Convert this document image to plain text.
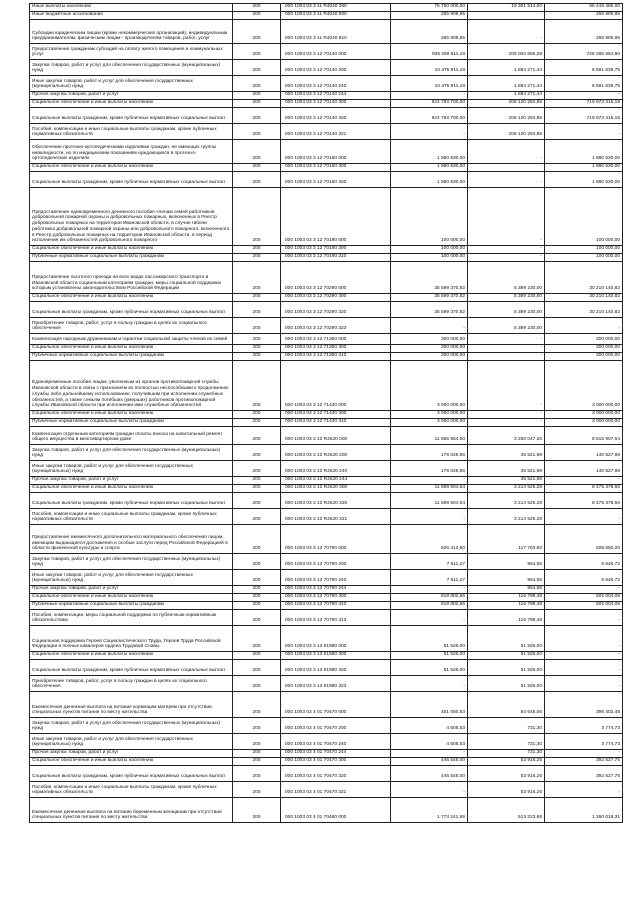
Иные выплаты населению	200	000 1003 03 3 11 R4040 360	75 750 000,00	19 301 514,00	56 448 486,00
Иные бюджетные ассигнования	200	000 1003 03 3 11 R4040 800	265 909,95	-	265 909,95
Субсидии юридическим лицам (кроме некоммерческих организаций), индивидуальным предпринимателям, физическим лицам - производителям товаров, работ, услуг	200	000 1003 03 3 11 R4040 810	265 909,95	-	265 909,95
Предоставление гражданам субсидий на оплату жилого помещения и коммунальных услуг	200	000 1003 03 3 12 70140 000	935 269 611,18	208 004 656,29	728 265 654,90
Закупка товаров, работ и услуг для обеспечения государственных (муниципальных) нужд	200	000 1003 03 3 12 70140 200	10 475 911,18	1 884 271,44	8 591 639,75
Иные закупки товаров, работ и услуг для обеспечения государственных (муниципальных) нужд	200	000 1003 03 3 12 70140 240	10 475 911,18	1 884 271,44	8 591 639,75
Прочая закупка товаров, работ и услуг	200	000 1003 03 3 12 70140 244	-	1 884 271,44	-
Социальное обеспечение и иные выплаты населению	200	000 1003 03 3 12 70140 300	924 793 700,00	206 120 284,85	719 673 415,15
Социальные выплаты гражданам, кроме публичных нормативных социальных выплат	200	000 1003 03 3 12 70140 320	924 793 700,00	206 120 284,85	719 673 415,15
Пособия, компенсации и иные социальные выплаты гражданам, кроме публичных нормативных обязательств	200	000 1003 03 3 12 70140 321	-	206 120 284,85	-
Обеспечение протезно-ортопедическими изделиями граждан, не имеющих группы инвалидности, но по медицинским показаниям нуждающихся в протезно-ортопедических изделиях	200	000 1003 03 3 12 70160 000	1 980 630,00	-	1 980 630,00
Социальное обеспечение и иные выплаты населению	200	000 1003 03 3 12 70160 300	1 980 630,00	-	1 980 630,00
Социальные выплаты гражданам, кроме публичных нормативных социальных выплат	200	000 1003 03 3 12 70160 320	1 980 630,00	-	1 980 630,00
Предоставление единовременного денежного пособия членам семей работников добровольной пожарной охраны и добровольных пожарных, включенных в Реестр добровольных пожарных на территории Ивановской области, в случае гибели работника добровольной пожарной охраны или добровольного пожарного, включенного в Реестр добровольных пожарных на территории Ивановской области, в период исполнения им обязанностей добровольного пожарного	200	000 1003 03 3 12 70190 000	100 000,00	-	100 000,00
Социальное обеспечение и иные выплаты населению	200	000 1003 03 3 12 70190 300	100 000,00	-	100 000,00
Публичные нормативные социальные выплаты гражданам	200	000 1003 03 3 12 70190 310	100 000,00	-	100 000,00
Предоставление льготного проезда на всех видах пассажирского транспорта в Ивановской области социальным категориям граждан, меры социальной поддержки которым установлены законодательством Российской Федерации	200	000 1003 03 3 12 70290 000	35 599 370,82	5 389 230,00	30 210 140,82
Социальное обеспечение и иные выплаты населению	200	000 1003 03 3 12 70290 300	35 599 370,82	5 389 230,00	30 210 140,82
Социальные выплаты гражданам, кроме публичных нормативных социальных выплат	200	000 1003 03 3 12 70290 320	35 599 370,82	5 389 230,00	30 210 140,82
Приобретение товаров, работ, услуг в пользу граждан в целях их социального обеспечения	200	000 1003 03 3 12 70290 323	-	5 389 230,00	-
Компенсация народным дружинникам и гарантии социальной защиты членов их семей	200	000 1003 03 3 12 71350 000	300 000,00	-	300 000,00
Социальное обеспечение и иные выплаты населению	200	000 1003 03 3 12 71350 300	300 000,00	-	300 000,00
Публичные нормативные социальные выплаты гражданам	200	000 1003 03 3 12 71350 310	300 000,00	-	300 000,00
Единовременные пособия лицам, уволенным из органов противопожарной службы Ивановской области в связи с признанием их полностью неспособными к продолжению службы либо дальнейшему использованию, получившим при исполнении служебных обязанностей, а также семьям погибших (умерших) работников противопожарной службы Ивановской области при исполнении ими служебных обязанностей	200	000 1003 03 3 12 71430 000	3 000 000,00	-	3 000 000,00
Социальное обеспечение и иные выплаты населению	200	000 1003 03 3 12 71430 300	3 000 000,00	-	3 000 000,00
Публичные нормативные социальные выплаты гражданам	200	000 1003 03 3 12 71430 310	3 000 000,00	-	3 000 000,00
Компенсация отдельным категориям граждан оплаты взноса на капитальный ремонт общего имущества в многоквартирном доме	200	000 1003 03 3 12 R4620 000	11 865 954,50	3 250 047,26	8 615 907,54
Закупка товаров, работ и услуг для обеспечения государственных (муниципальных) нужд	200	000 1003 03 3 12 R4620 200	176 049,96	35 521,98	140 527,98
Иные закупки товаров, работ и услуг для обеспечения государственных (муниципальных) нужд	200	000 1003 03 3 12 R4620 240	176 049,96	35 521,98	140 527,98
Прочая закупка товаров, работ и услуг	200	000 1003 03 3 12 R4620 244	-	35 521,98	-
Социальное обеспечение и иные выплаты населению	200	000 1003 03 3 12 R4620 300	11 689 904,54	3 214 525,28	8 475 379,56
Социальные выплаты гражданам, кроме публичных нормативных социальных выплат	200	000 1003 03 3 12 R4620 320	11 689 904,54	3 214 525,28	8 475 379,56
Пособия, компенсации и иные социальные выплаты гражданам, кроме публичных нормативных обязательств	200	000 1003 03 3 12 R4620 321	-	3 214 525,28	-
Предоставление ежемесячного дополнительного материального обеспечения лицам, имеющим выдающиеся достижения и особые заслуги перед Российской Федерацией в области физической культуры и спорта	200	000 1003 03 3 13 70790 000	626 413,80	117 763,60	508 650,20
Закупка товаров, работ и услуг для обеспечения государственных (муниципальных) нужд	200	000 1003 03 3 13 70790 200	7 611,27	964,55	6 646,72
Иные закупки товаров, работ и услуг для обеспечения государственных (муниципальных) нужд	200	000 1003 03 3 13 70790 240	7 611,27	964,55	6 646,72
Прочая закупка товаров, работ и услуг	200	000 1003 03 3 13 70790 244	-	964,55	-
Социальное обеспечение и иные выплаты населению	200	000 1003 03 3 13 70790 300	618 802,56	116 798,48	502 004,08
Публичные нормативные социальные выплаты гражданам	200	000 1003 03 3 13 70790 310	618 802,56	116 798,48	502 004,08
Пособия, компенсации, меры социальной поддержки по публичным нормативным обязательствам	200	000 1003 03 3 13 70790 313	-	116 798,48	-
Социальная поддержка Героев Социалистического Труда, Героев Труда Российской Федерации и полных кавалеров ордена Трудовой Славы	200	000 1003 03 3 13 51980 000	51 526,00	51 526,00	-
Социальное обеспечение и иные выплаты населению	200	000 1003 03 3 13 51980 300	51 526,00	51 526,00	-
Социальные выплаты гражданам, кроме публичных нормативных социальных выплат	200	000 1003 03 3 13 51980 320	51 526,00	51 526,00	-
Приобретение товаров, работ, услуг в пользу граждан в целях их социального обеспечения	200	000 1003 03 3 13 51980 323	-	51 526,00	-
Ежемесячная денежная выплата на питание кормящим матерям при отсутствии специальных пунктов питания по месту жительства	200	000 1003 03 4 01 70470 000	451 050,53	54 648,05	396 402,48
Закупка товаров, работ и услуг для обеспечения государственных (муниципальных) нужд	200	000 1003 03 4 01 70470 200	4 505,53	731,30	3 774,73
Иные закупки товаров, работ и услуг для обеспечения государственных (муниципальных) нужд	200	000 1003 03 4 01 70470 240	4 505,53	731,30	3 774,73
Прочая закупка товаров, работ и услуг	200	000 1003 03 4 01 70470 244	-	731,30	-
Социальное обеспечение и иные выплаты населению	200	000 1003 03 4 01 70470 300	446 545,00	53 916,25	392 627,75
Социальные выплаты гражданам, кроме публичных нормативных социальных выплат	200	000 1003 03 4 01 70470 320	446 545,00	53 916,25	392 627,75
Пособия, компенсации и иные социальные выплаты гражданам, кроме публичных нормативных обязательств	200	000 1003 03 4 01 70470 321	-	53 916,25	-
Ежемесячная денежная выплата на питание беременным женщинам при отсутствии специальных пунктов питания по месту жительства	200	000 1003 03 4 01 70480 000	1 773 241,99	513 223,68	1 260 018,31
